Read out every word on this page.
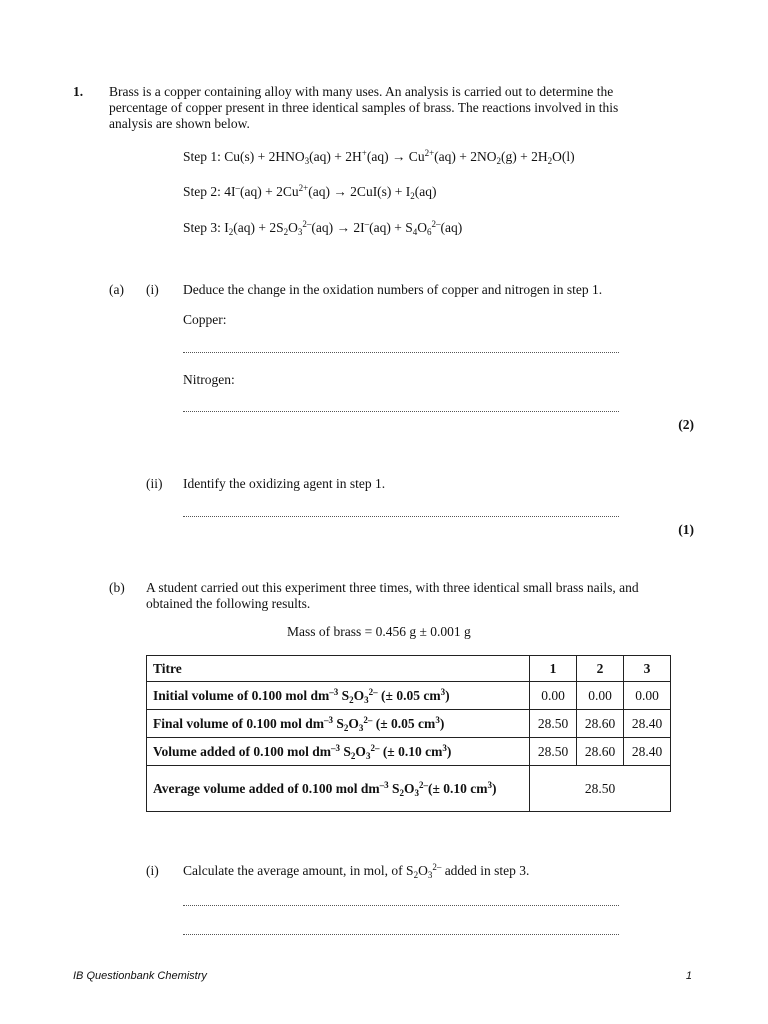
1. Brass is a copper containing alloy with many uses. An analysis is carried out to determine the percentage of copper present in three identical samples of brass. The reactions involved in this analysis are shown below.
Step 1: $Cu(s) + 2HNO_3(aq) + 2H^+(aq) \to Cu^{2+}(aq) + 2NO_2(g) + 2H_2O(l)$
Step 2: $4I^-(aq) + 2Cu^{2+}(aq) \to 2CuI(s) + I_2(aq)$
Step 3: $I_2(aq) + 2S_2O_3^{2-}(aq) \to 2I^-(aq) + S_4O_6^{2-}(aq)$
(a) (i) Deduce the change in the oxidation numbers of copper and nitrogen in step 1.
Copper:
Nitrogen:
(2)
(ii) Identify the oxidizing agent in step 1.
(1)
(b) A student carried out this experiment three times, with three identical small brass nails, and obtained the following results.
Mass of brass = 0.456 g ± 0.001 g
Titre	1	2	3
Initial volume of 0.100 mol $dm^{-3}$ $S_2O_3^{2-}$ (± 0.05 $cm^3$)	0.00	0.00	0.00
Final volume of 0.100 mol $dm^{-3}$ $S_2O_3^{2-}$ (± 0.05 $cm^3$)	28.50	28.60	28.40
Volume added of 0.100 mol $dm^{-3}$ $S_2O_3^{2-}$ (± 0.10 $cm^3$)	28.50	28.60	28.40
Average volume added of 0.100 mol $dm^{-3}$ $S_2O_3^{2-}(\pm 0.10$ $cm^3$)	28.50		
(i) Calculate the average amount, in mol, of $S_2O_3^{2-}$ added in step 3.
IB Questionbank Chemistry	1
